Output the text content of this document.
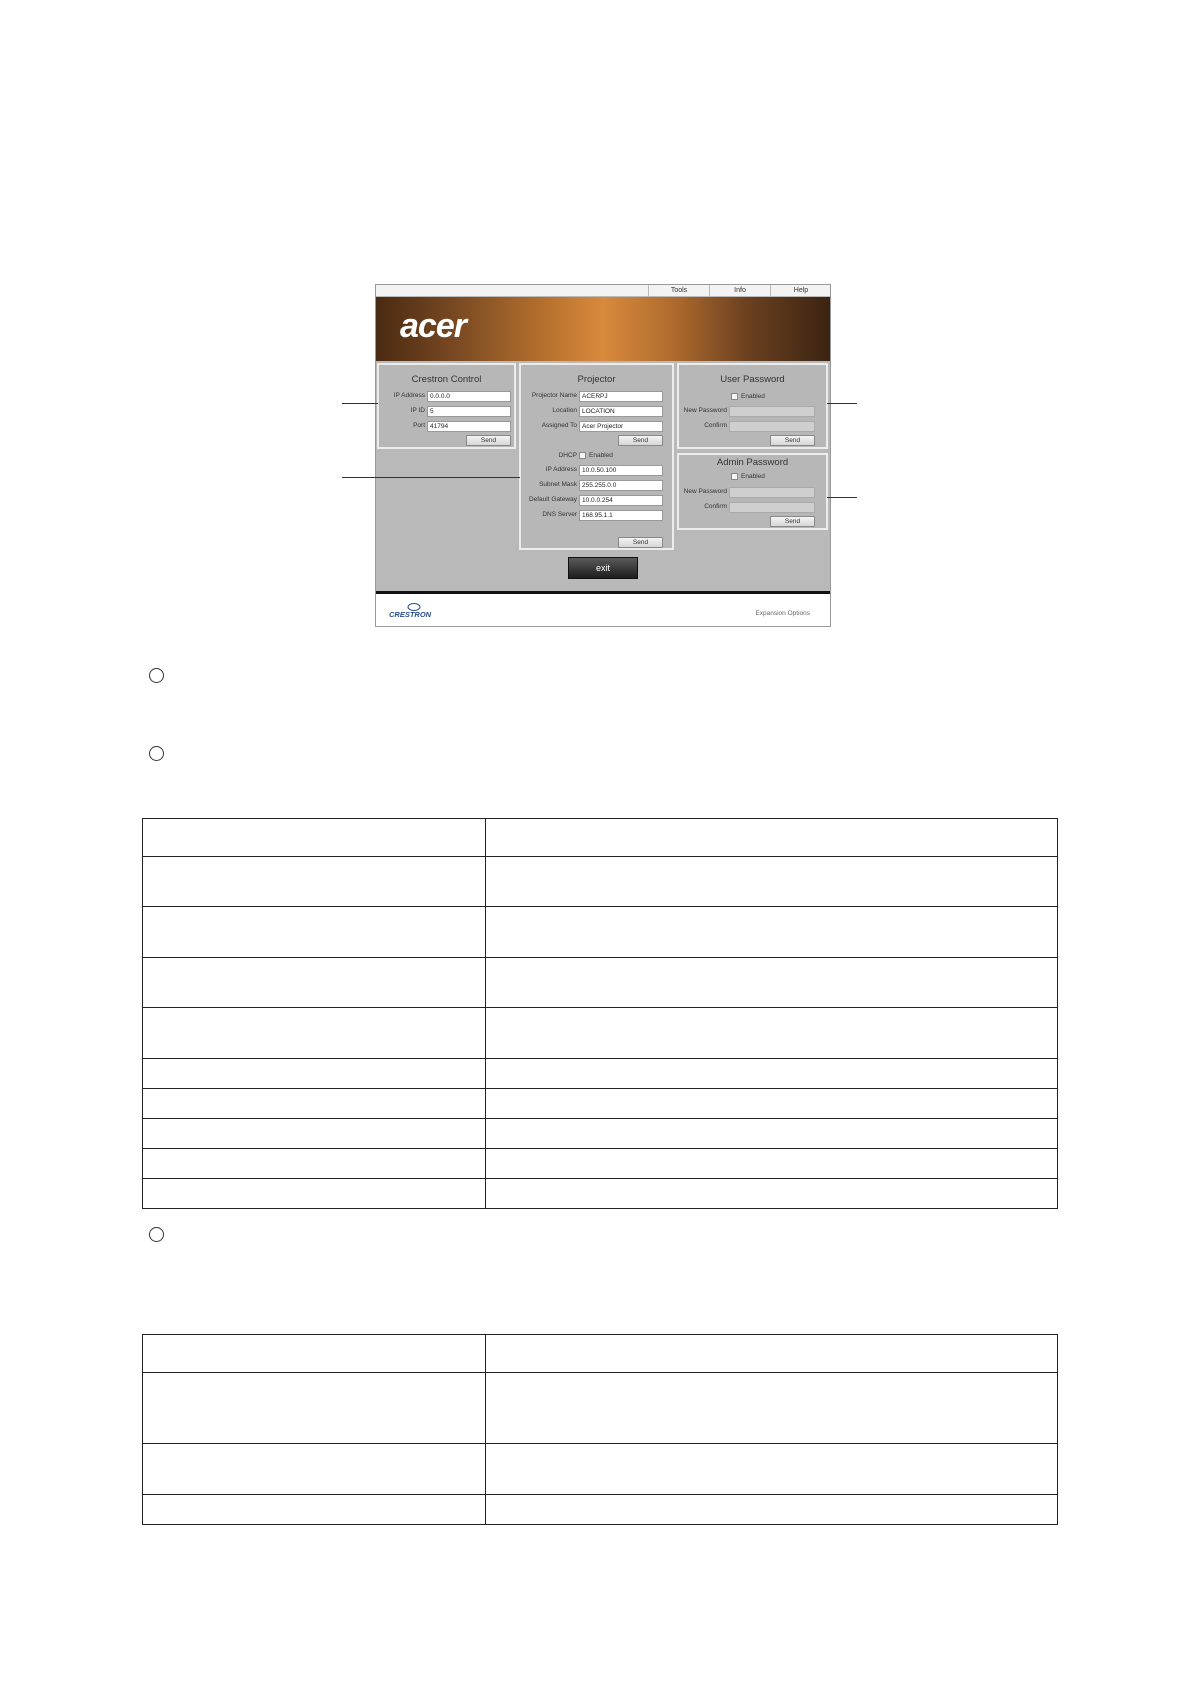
Tools	Info	Help
acer
Crestron Control
IP Address 0.0.0.0
IP ID 5
Port 41794
Send
Projector
Projector Name ACERPJ
Location LOCATION
Assigned To Acer Projector
Send
DHCP Enabled
IP Address 10.0.50.100
Subnet Mask 255.255.0.0
Default Gateway 10.0.0.254
DNS Server 168.95.1.1
Send
User Password
Enabled
New Password
Confirm
Send
Admin Password
Enabled
New Password
Confirm
Send
exit
CRESTRON	Expansion Options
